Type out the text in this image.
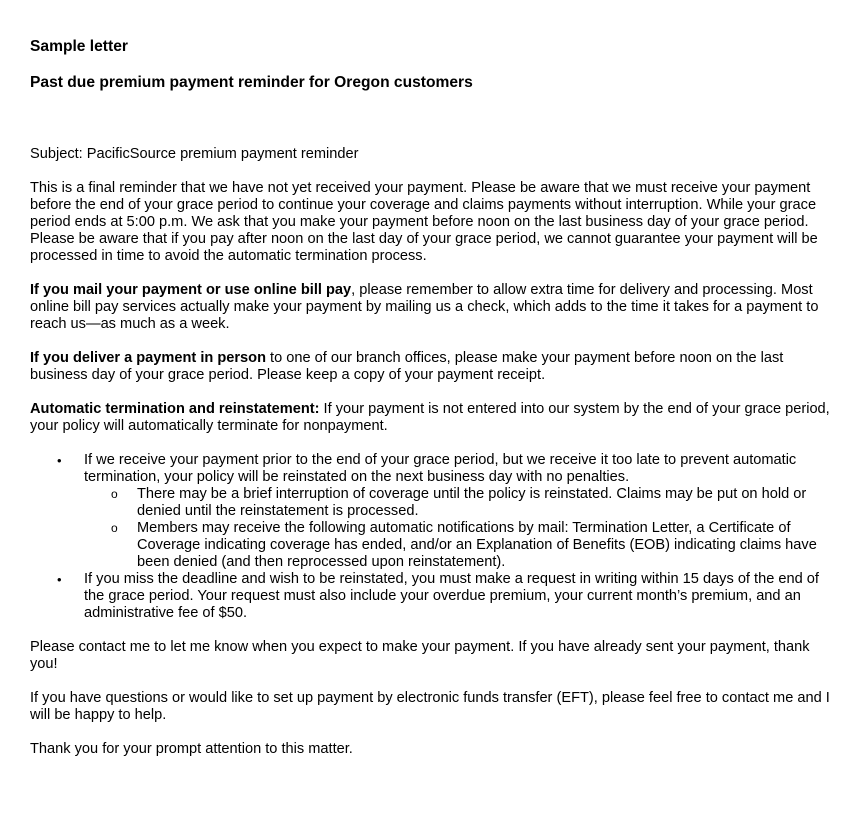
Sample letter
Past due premium payment reminder for Oregon customers

Subject: PacificSource premium payment reminder

This is a final reminder that we have not yet received your payment. Please be aware that we must receive your payment before the end of your grace period to continue your coverage and claims payments without interruption. While your grace period ends at 5:00 p.m. We ask that you make your payment before noon on the last business day of your grace period. Please be aware that if you pay after noon on the last day of your grace period, we cannot guarantee your payment will be processed in time to avoid the automatic termination process.

If you mail your payment or use online bill pay, please remember to allow extra time for delivery and processing. Most online bill pay services actually make your payment by mailing us a check, which adds to the time it takes for a payment to reach us—as much as a week.

If you deliver a payment in person to one of our branch offices, please make your payment before noon on the last business day of your grace period. Please keep a copy of your payment receipt.

Automatic termination and reinstatement: If your payment is not entered into our system by the end of your grace period, your policy will automatically terminate for nonpayment.

• If we receive your payment prior to the end of your grace period, but we receive it too late to prevent automatic termination, your policy will be reinstated on the next business day with no penalties.
o There may be a brief interruption of coverage until the policy is reinstated. Claims may be put on hold or denied until the reinstatement is processed.
o Members may receive the following automatic notifications by mail: Termination Letter, a Certificate of Coverage indicating coverage has ended, and/or an Explanation of Benefits (EOB) indicating claims have been denied (and then reprocessed upon reinstatement).
• If you miss the deadline and wish to be reinstated, you must make a request in writing within 15 days of the end of the grace period. Your request must also include your overdue premium, your current month’s premium, and an administrative fee of $50.

Please contact me to let me know when you expect to make your payment. If you have already sent your payment, thank you!

If you have questions or would like to set up payment by electronic funds transfer (EFT), please feel free to contact me and I will be happy to help.

Thank you for your prompt attention to this matter.
